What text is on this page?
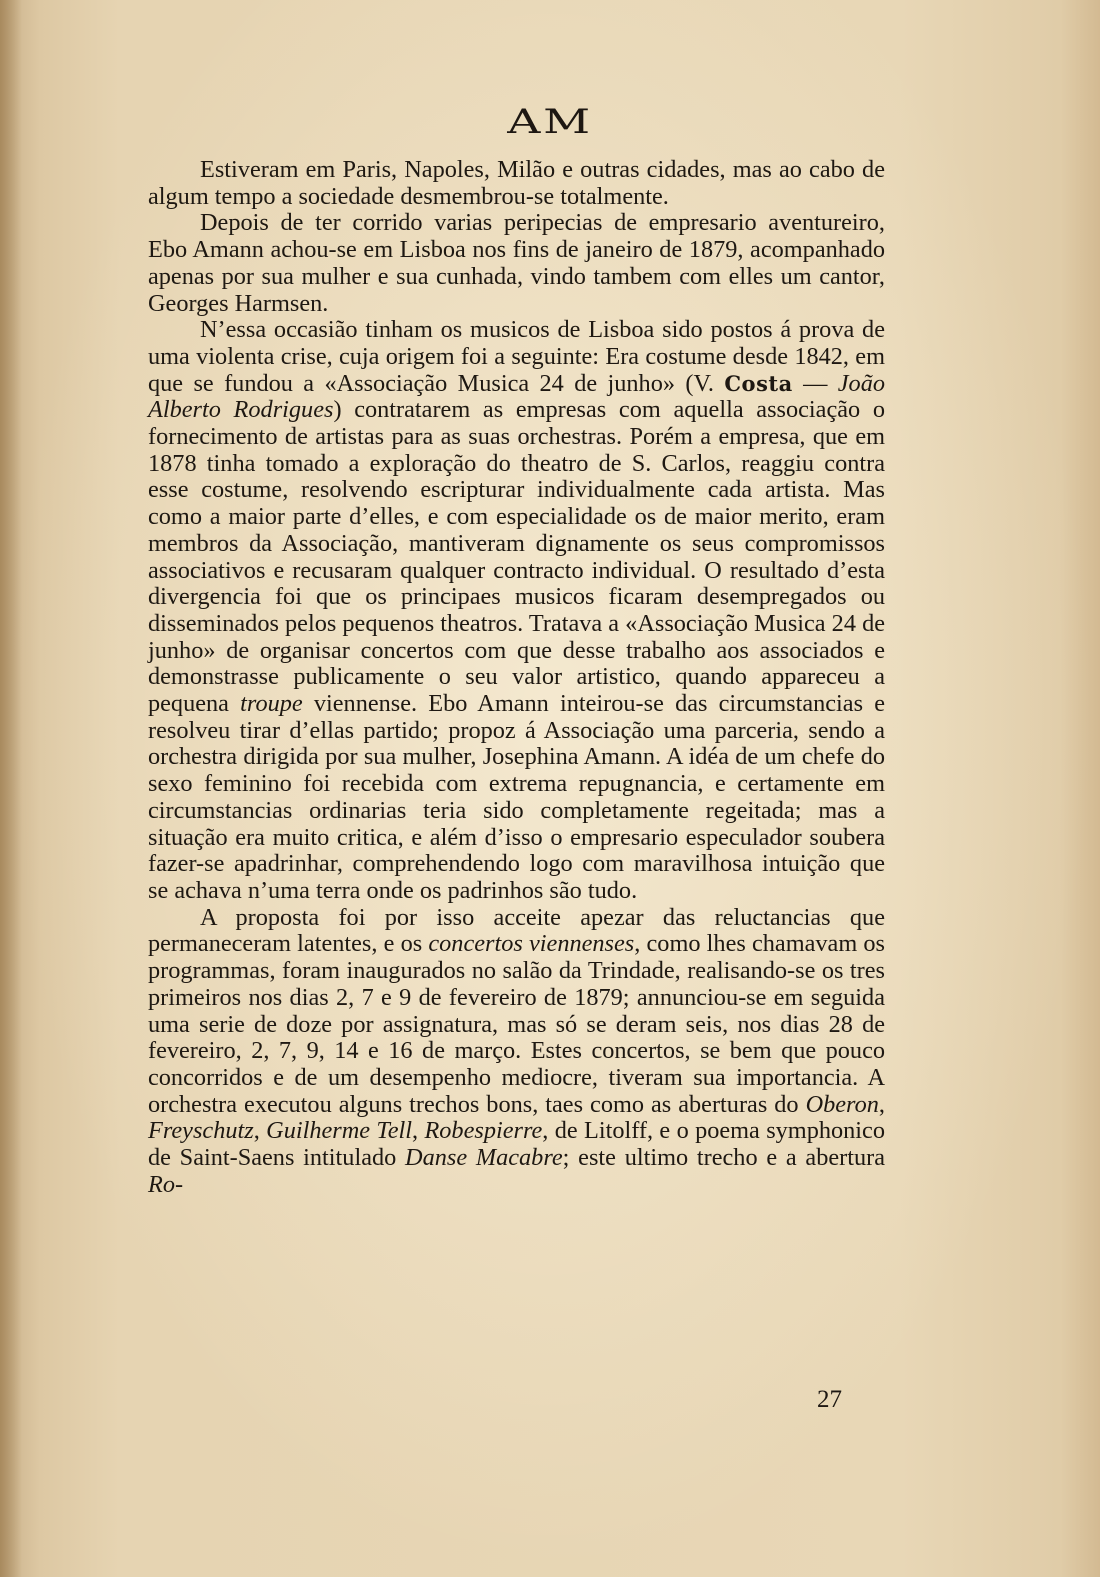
AM

Estiveram em Paris, Napoles, Milão e outras cidades, mas ao cabo de algum tempo a sociedade desmembrou-se totalmente.

Depois de ter corrido varias peripecias de empresario aventureiro, Ebo Amann achou-se em Lisboa nos fins de janeiro de 1879, acompanhado apenas por sua mulher e sua cunhada, vindo tambem com elles um cantor, Georges Harmsen.

N’essa occasião tinham os musicos de Lisboa sido postos á prova de uma violenta crise, cuja origem foi a seguinte: Era costume desde 1842, em que se fundou a «Associação Musica 24 de junho» (V. Costa — João Alberto Rodrigues) contratarem as empresas com aquella associação o fornecimento de artistas para as suas orchestras. Porém a empresa, que em 1878 tinha tomado a exploração do theatro de S. Carlos, reaggiu contra esse costume, resolvendo escripturar individualmente cada artista. Mas como a maior parte d’elles, e com especialidade os de maior merito, eram membros da Associação, mantiveram dignamente os seus compromissos associativos e recusaram qualquer contracto individual. O resultado d’esta divergencia foi que os principaes musicos ficaram desempregados ou disseminados pelos pequenos theatros. Tratava a «Associação Musica 24 de junho» de organisar concertos com que desse trabalho aos associados e demonstrasse publicamente o seu valor artistico, quando appareceu a pequena troupe viennense. Ebo Amann inteirou-se das circumstancias e resolveu tirar d’ellas partido; propoz á Associação uma parceria, sendo a orchestra dirigida por sua mulher, Josephina Amann. A idéa de um chefe do sexo feminino foi recebida com extrema repugnancia, e certamente em circumstancias ordinarias teria sido completamente regeitada; mas a situação era muito critica, e além d’isso o empresario especulador soubera fazer-se apadrinhar, comprehendendo logo com maravilhosa intuição que se achava n’uma terra onde os padrinhos são tudo.

A proposta foi por isso acceite apezar das reluctancias que permaneceram latentes, e os concertos viennenses, como lhes chamavam os programmas, foram inaugurados no salão da Trindade, realisando-se os tres primeiros nos dias 2, 7 e 9 de fevereiro de 1879; annunciou-se em seguida uma serie de doze por assignatura, mas só se deram seis, nos dias 28 de fevereiro, 2, 7, 9, 14 e 16 de março. Estes concertos, se bem que pouco concorridos e de um desempenho mediocre, tiveram sua importancia. A orchestra executou alguns trechos bons, taes como as aberturas do Oberon, Freyschutz, Guilherme Tell, Robespierre, de Litolff, e o poema symphonico de Saint-Saens intitulado Danse Macabre; este ultimo trecho e a abertura Ro-

27
